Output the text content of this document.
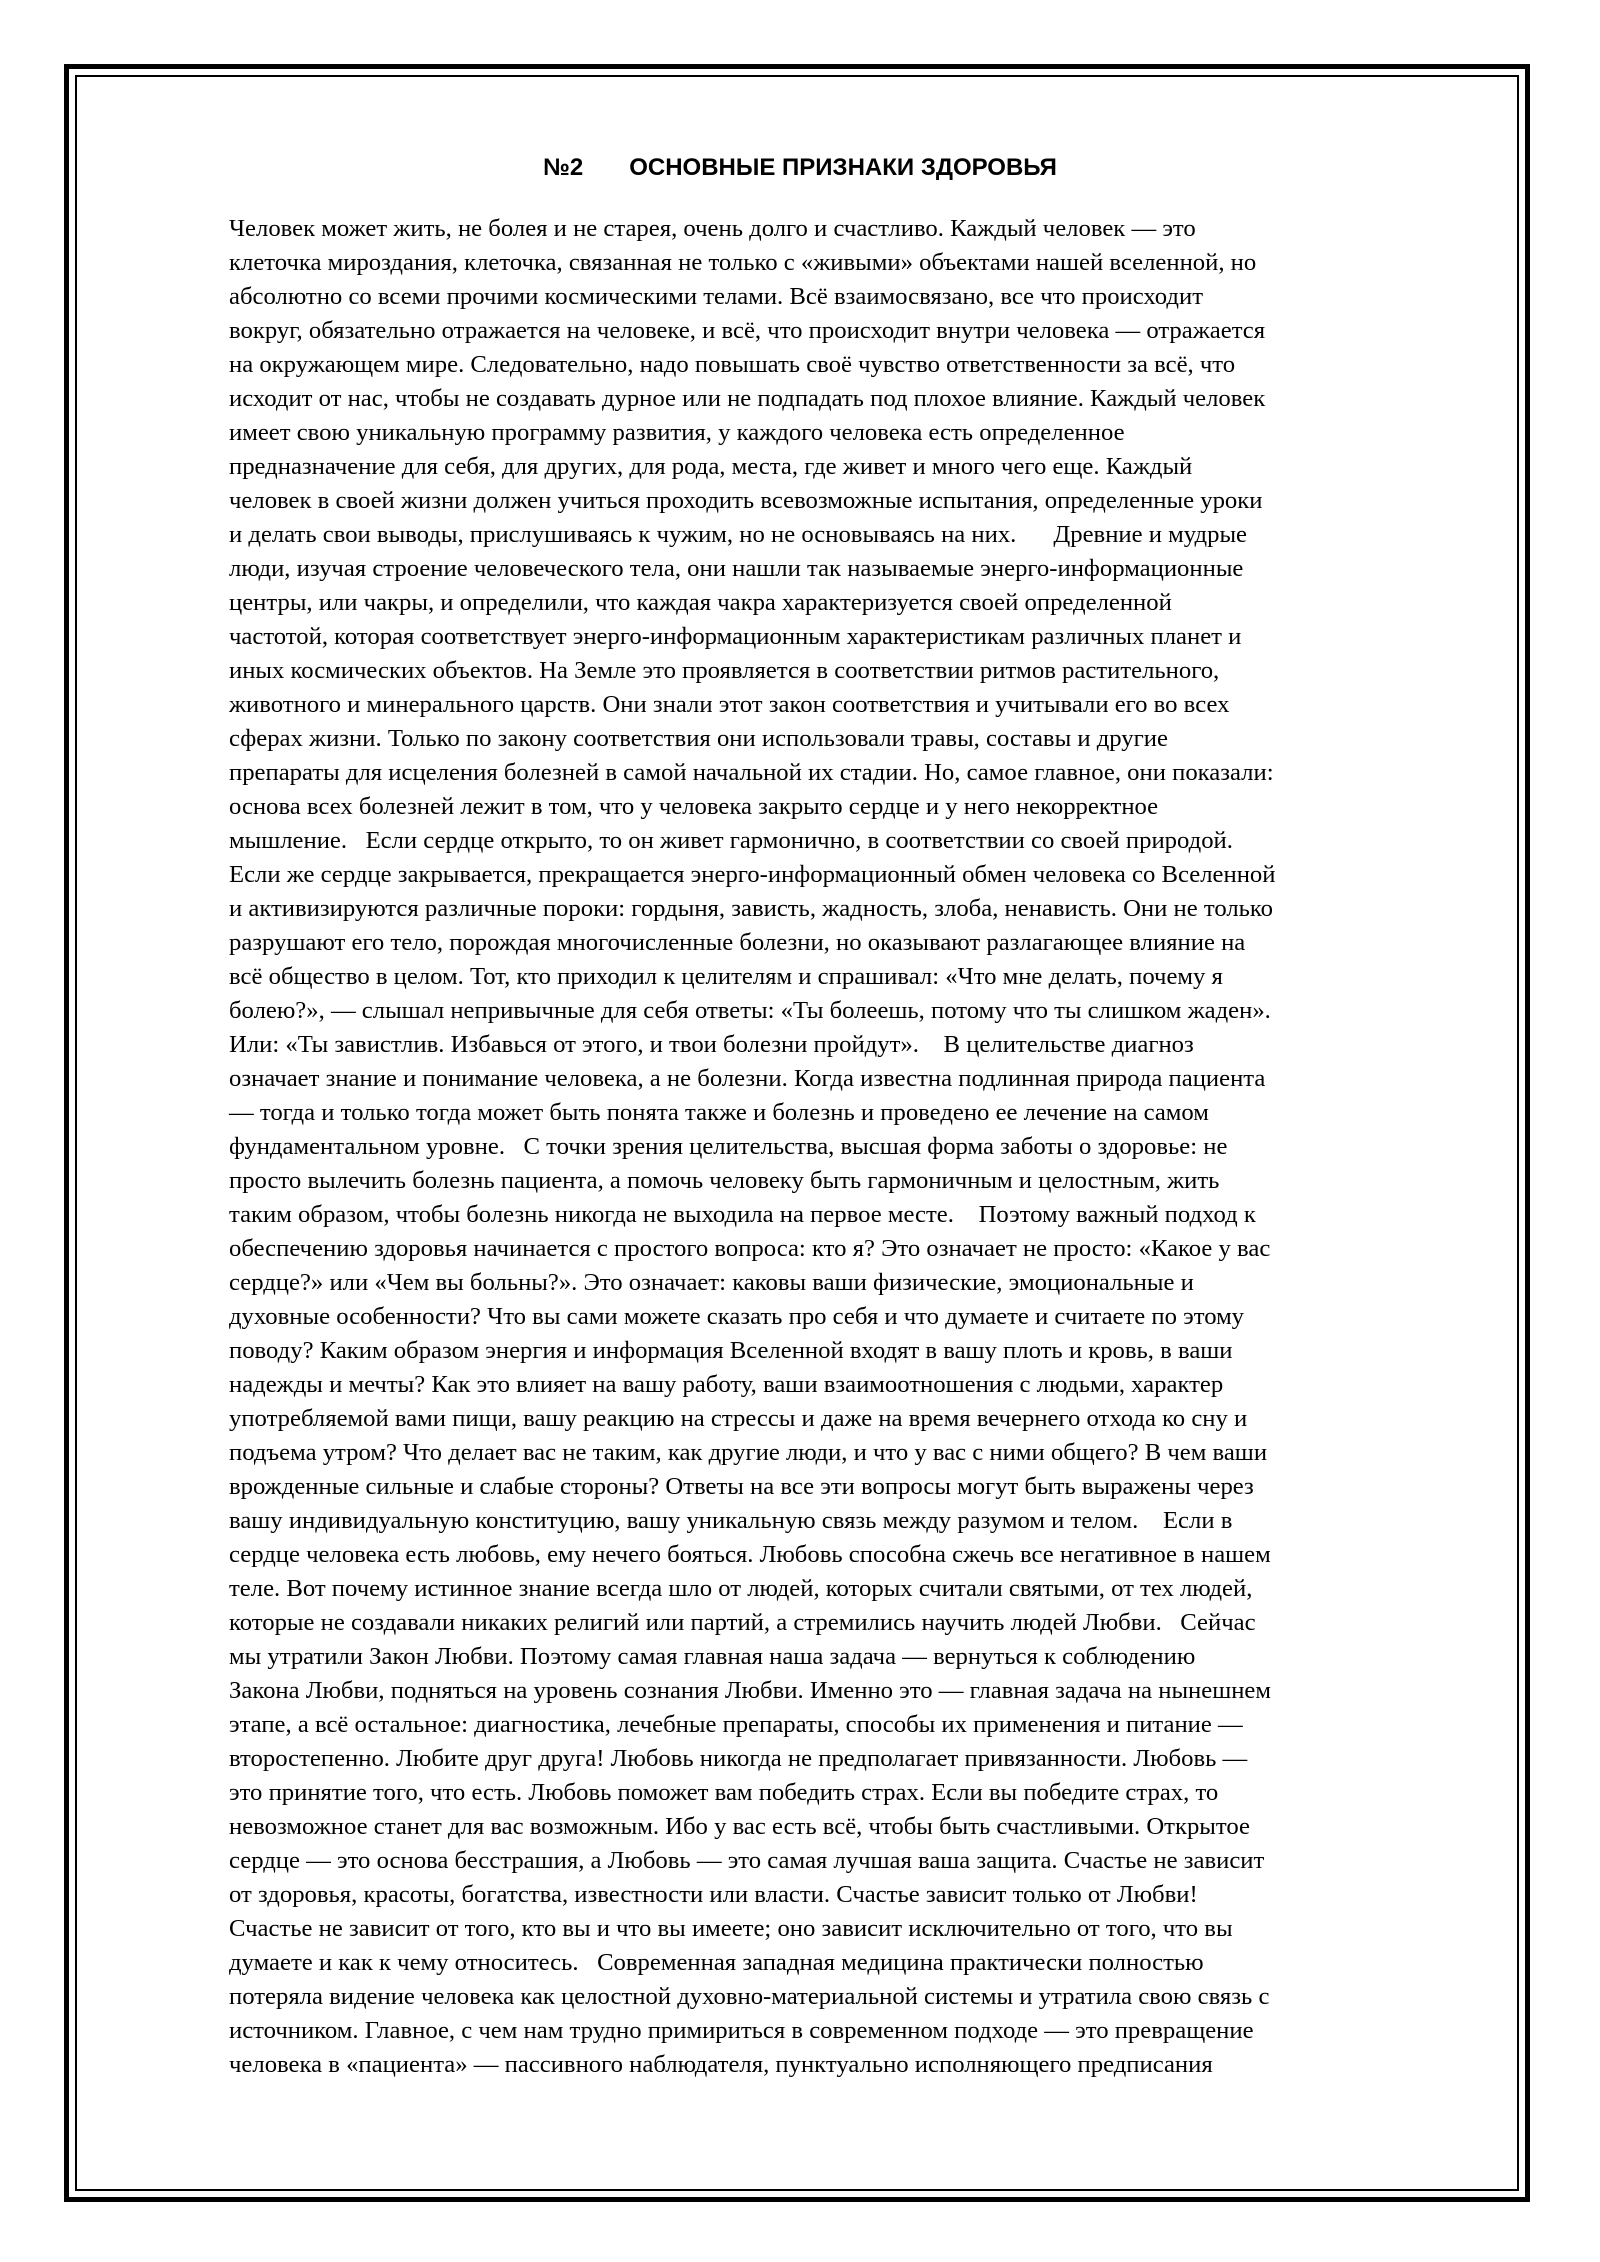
№2 ОСНОВНЫЕ ПРИЗНАКИ ЗДОРОВЬЯ
Человек может жить, не болея и не старея, очень долго и счастливо. Каждый человек — это
клеточка мироздания, клеточка, связанная не только с «живыми» объектами нашей вселенной, но
абсолютно со всеми прочими космическими телами. Всё взаимосвязано, все что происходит
вокруг, обязательно отражается на человеке, и всё, что происходит внутри человека — отражается
на окружающем мире. Следовательно, надо повышать своё чувство ответственности за всё, что
исходит от нас, чтобы не создавать дурное или не подпадать под плохое влияние. Каждый человек
имеет свою уникальную программу развития, у каждого человека есть определенное
предназначение для себя, для других, для рода, места, где живет и много чего еще. Каждый
человек в своей жизни должен учиться проходить всевозможные испытания, определенные уроки
и делать свои выводы, прислушиваясь к чужим, но не основываясь на них.      Древние и мудрые
люди, изучая строение человеческого тела, они нашли так называемые энерго-информационные
центры, или чакры, и определили, что каждая чакра характеризуется своей определенной
частотой, которая соответствует энерго-информационным характеристикам различных планет и
иных космических объектов. На Земле это проявляется в соответствии ритмов растительного,
животного и минерального царств. Они знали этот закон соответствия и учитывали его во всех
сферах жизни. Только по закону соответствия они использовали травы, составы и другие
препараты для исцеления болезней в самой начальной их стадии. Но, самое главное, они показали:
основа всех болезней лежит в том, что у человека закрыто сердце и у него некорректное
мышление.   Если сердце открыто, то он живет гармонично, в соответствии со своей природой.
Если же сердце закрывается, прекращается энерго-информационный обмен человека со Вселенной
и активизируются различные пороки: гордыня, зависть, жадность, злоба, ненависть. Они не только
разрушают его тело, порождая многочисленные болезни, но оказывают разлагающее влияние на
всё общество в целом. Тот, кто приходил к целителям и спрашивал: «Что мне делать, почему я
болею?», — слышал непривычные для себя ответы: «Ты болеешь, потому что ты слишком жаден».
Или: «Ты завистлив. Избавься от этого, и твои болезни пройдут».    В целительстве диагноз
означает знание и понимание человека, а не болезни. Когда известна подлинная природа пациента
— тогда и только тогда может быть понята также и болезнь и проведено ее лечение на самом
фундаментальном уровне.   С точки зрения целительства, высшая форма заботы о здоровье: не
просто вылечить болезнь пациента, а помочь человеку быть гармоничным и целостным, жить
таким образом, чтобы болезнь никогда не выходила на первое месте.    Поэтому важный подход к
обеспечению здоровья начинается с простого вопроса: кто я? Это означает не просто: «Какое у вас
сердце?» или «Чем вы больны?». Это означает: каковы ваши физические, эмоциональные и
духовные особенности? Что вы сами можете сказать про себя и что думаете и считаете по этому
поводу? Каким образом энергия и информация Вселенной входят в вашу плоть и кровь, в ваши
надежды и мечты? Как это влияет на вашу работу, ваши взаимоотношения с людьми, характер
употребляемой вами пищи, вашу реакцию на стрессы и даже на время вечернего отхода ко сну и
подъема утром? Что делает вас не таким, как другие люди, и что у вас с ними общего? В чем ваши
врожденные сильные и слабые стороны? Ответы на все эти вопросы могут быть выражены через
вашу индивидуальную конституцию, вашу уникальную связь между разумом и телом.    Если в
сердце человека есть любовь, ему нечего бояться. Любовь способна сжечь все негативное в нашем
теле. Вот почему истинное знание всегда шло от людей, которых считали святыми, от тех людей,
которые не создавали никаких религий или партий, а стремились научить людей Любви.   Сейчас
мы утратили Закон Любви. Поэтому самая главная наша задача — вернуться к соблюдению
Закона Любви, подняться на уровень сознания Любви. Именно это — главная задача на нынешнем
этапе, а всё остальное: диагностика, лечебные препараты, способы их применения и питание —
второстепенно. Любите друг друга! Любовь никогда не предполагает привязанности. Любовь —
это принятие того, что есть. Любовь поможет вам победить страх. Если вы победите страх, то
невозможное станет для вас возможным. Ибо у вас есть всё, чтобы быть счастливыми. Открытое
сердце — это основа бесстрашия, а Любовь — это самая лучшая ваша защита. Счастье не зависит
от здоровья, красоты, богатства, известности или власти. Счастье зависит только от Любви!
Счастье не зависит от того, кто вы и что вы имеете; оно зависит исключительно от того, что вы
думаете и как к чему относитесь.   Современная западная медицина практически полностью
потеряла видение человека как целостной духовно-материальной системы и утратила свою связь с
источником. Главное, с чем нам трудно примириться в современном подходе — это превращение
человека в «пациента» — пассивного наблюдателя, пунктуально исполняющего предписания
